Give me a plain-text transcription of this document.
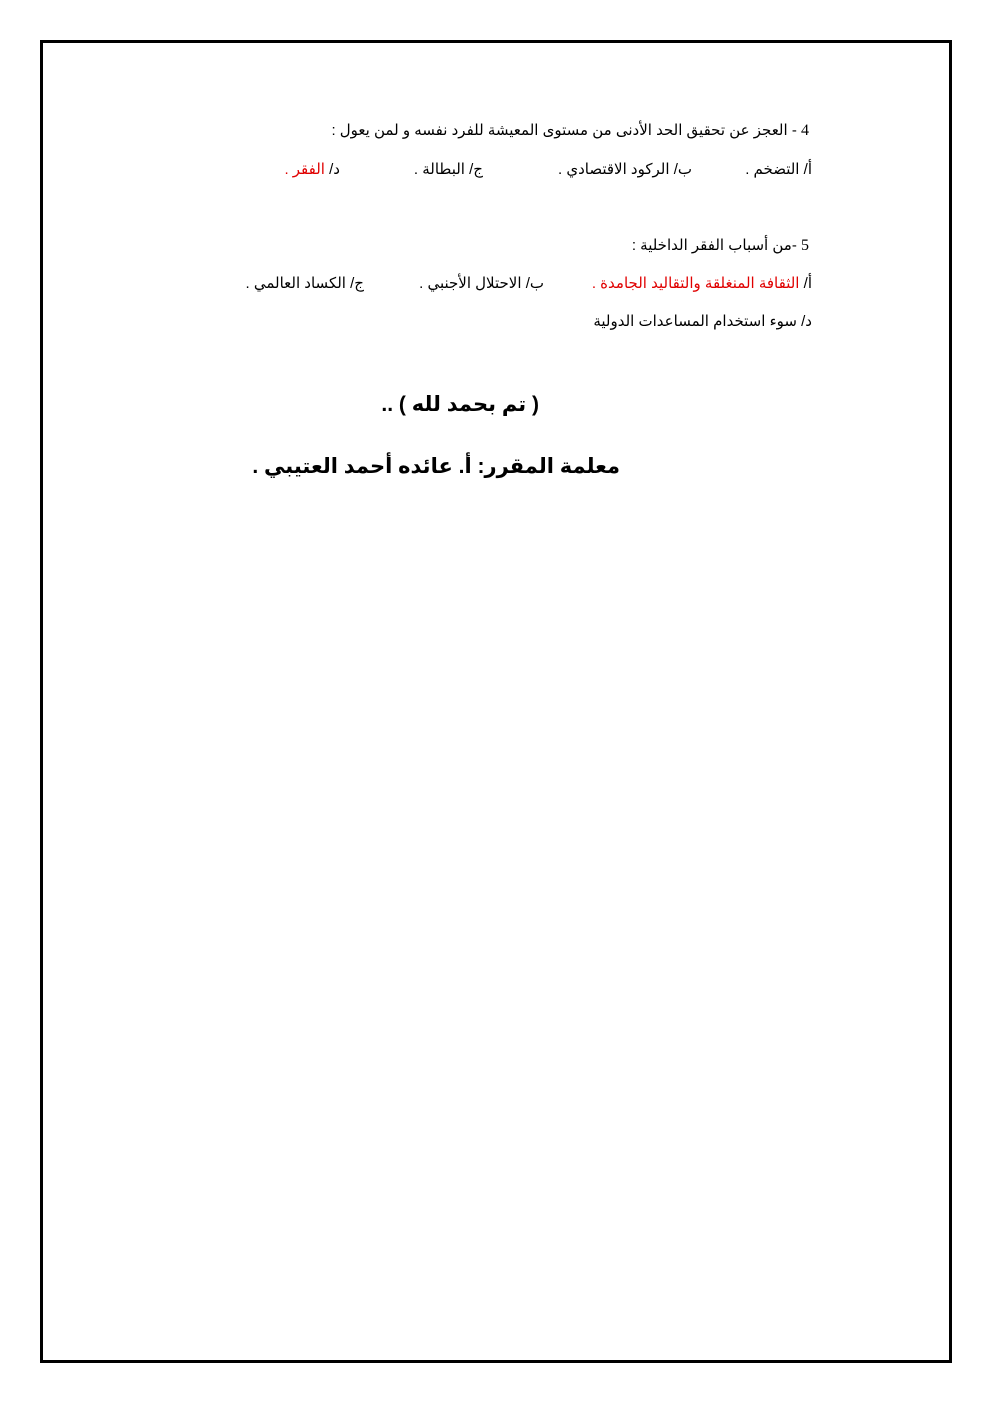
4 - العجز عن تحقيق الحد الأدنى من مستوى المعيشة للفرد نفسه و لمن يعول :
أ/ التضخم .
ب/ الركود الاقتصادي .
ج/ البطالة .
د/ الفقر .
5 -من أسباب الفقر الداخلية :
أ/ الثقافة المنغلقة والتقاليد الجامدة .
ب/ الاحتلال الأجنبي .
ج/ الكساد العالمي .
د/ سوء استخدام المساعدات الدولية
( تم بحمد لله ) ..
معلمة المقرر: أ. عائده أحمد العتيبي .
